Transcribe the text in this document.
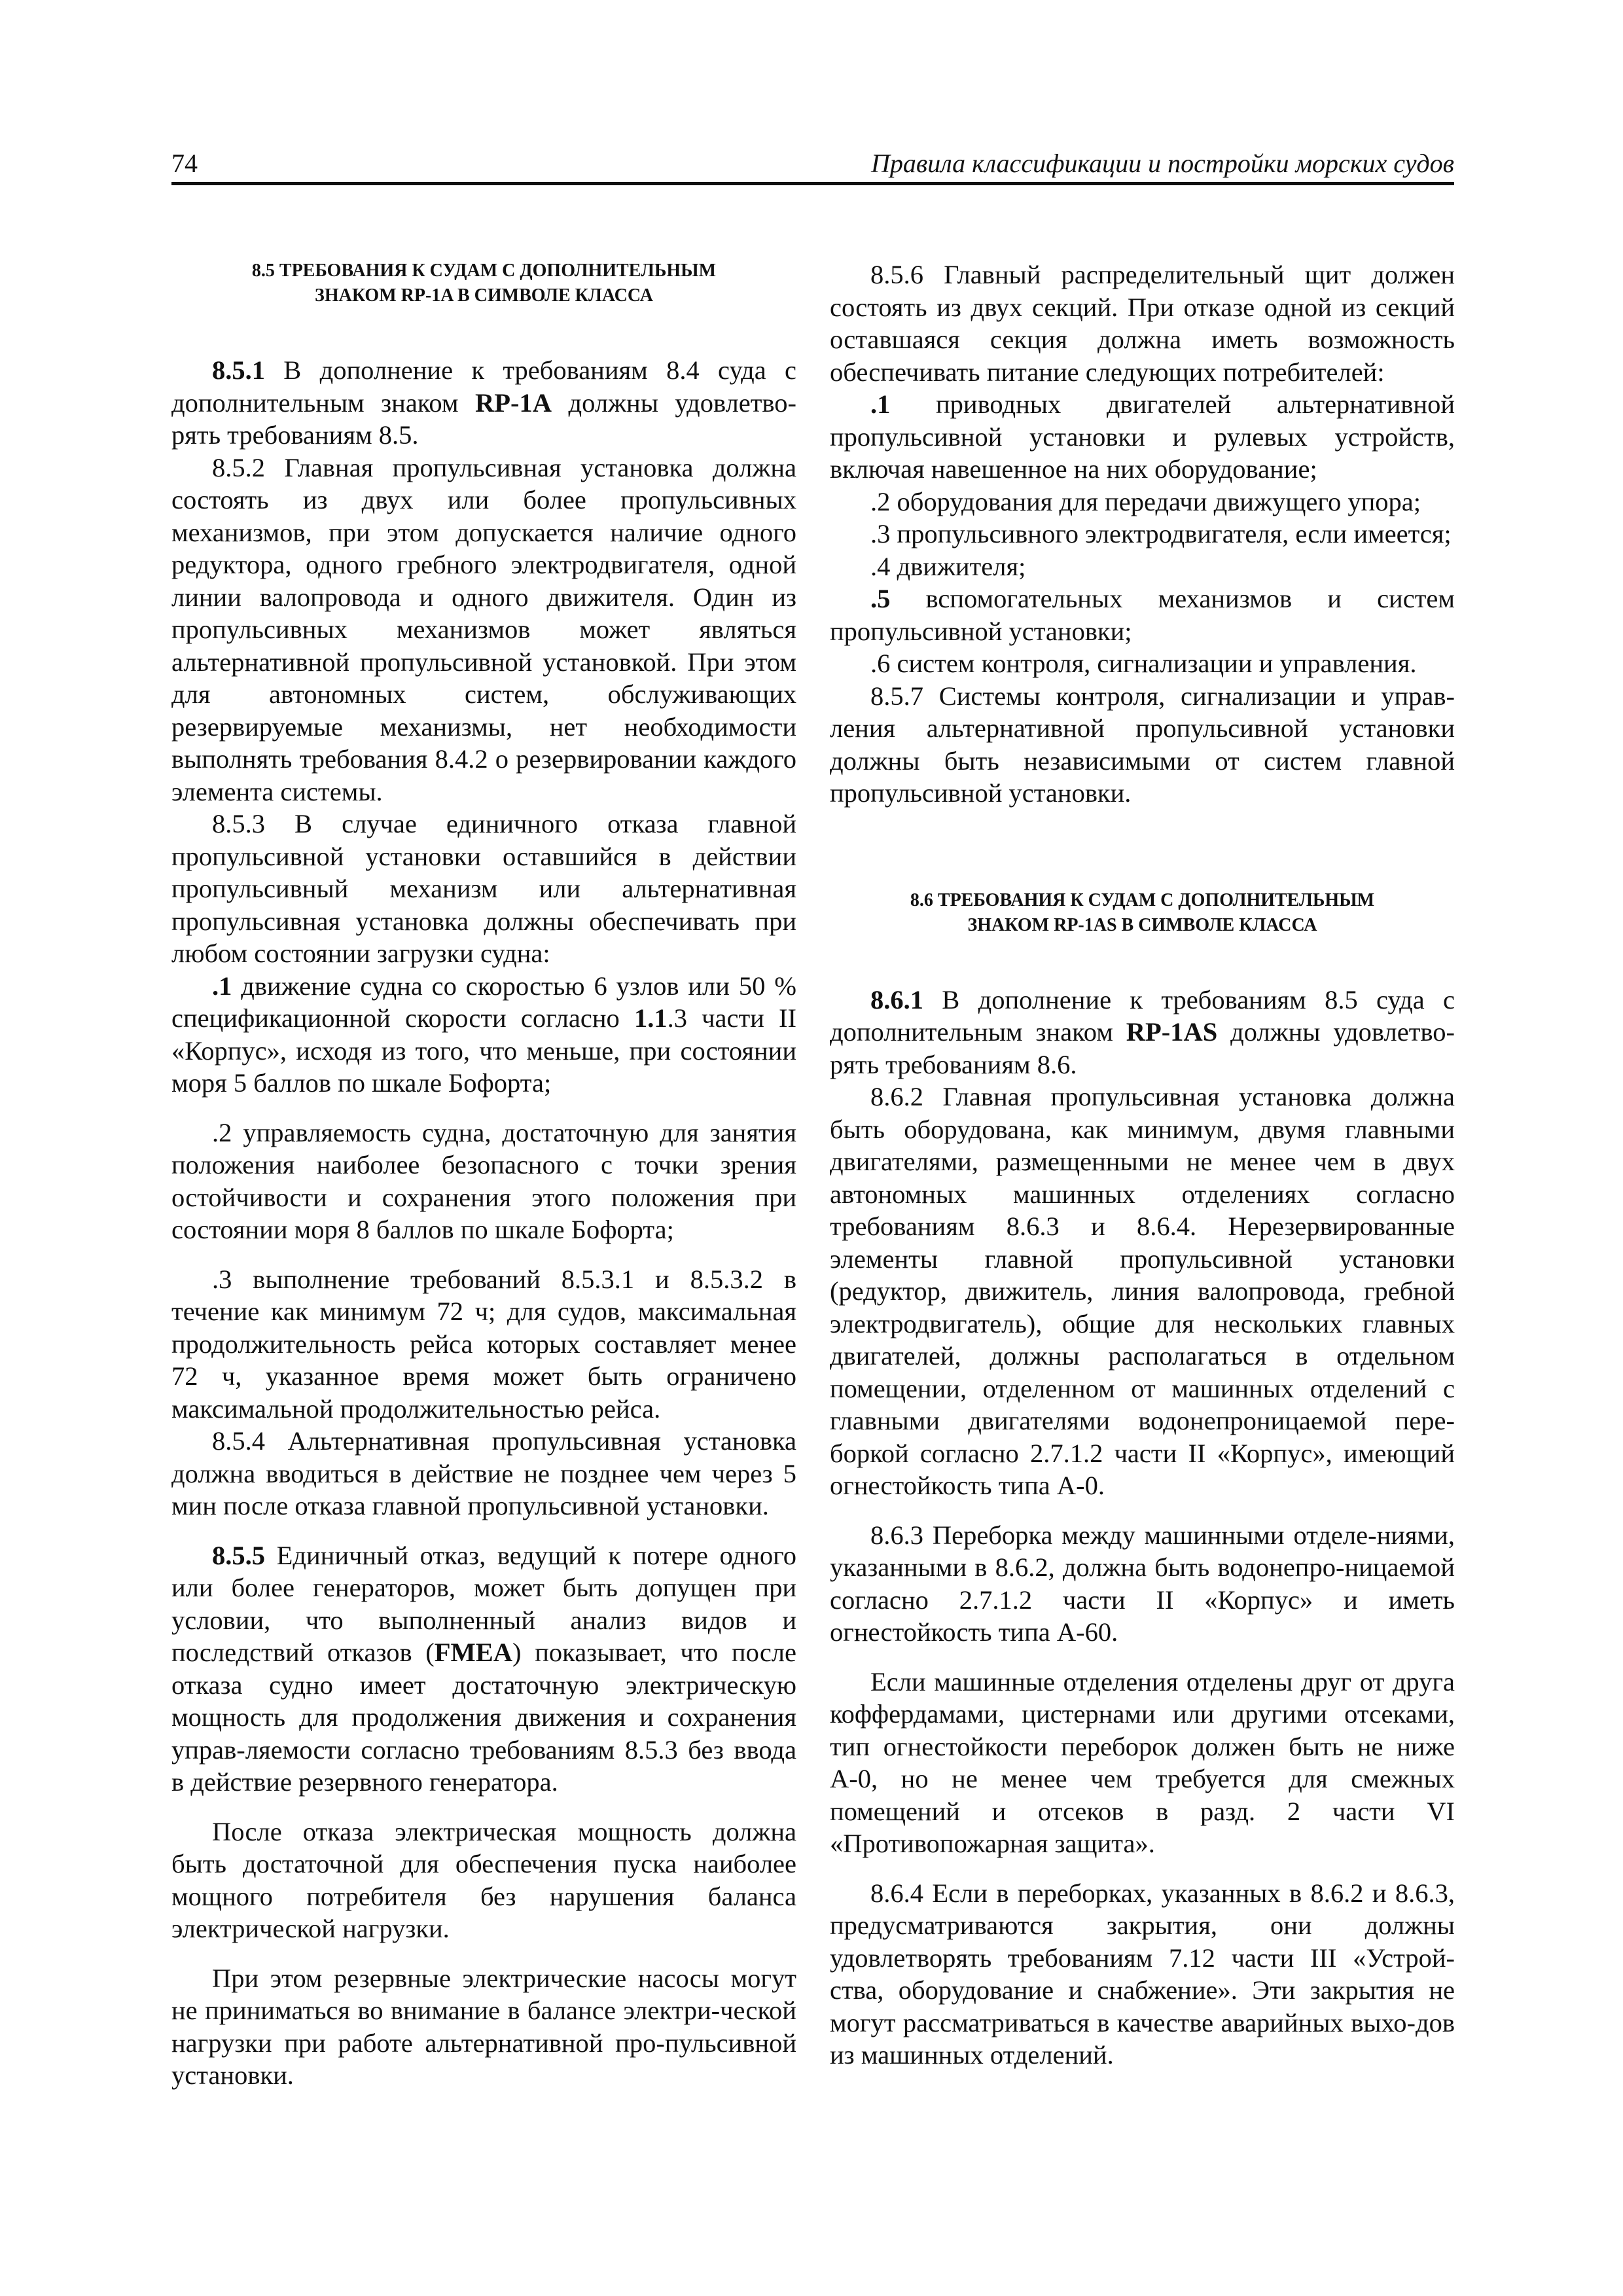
74	Правила классификации и постройки морских судов
8.5 ТРЕБОВАНИЯ К СУДАМ С ДОПОЛНИТЕЛЬНЫМ
ЗНАКОМ RP-1A В СИМВОЛЕ КЛАССА

8.5.1 В дополнение к требованиям 8.4 суда с дополнительным знаком RP-1A должны удовлетво-рять требованиям 8.5.

8.5.2 Главная пропульсивная установка должна состоять из двух или более пропульсивных механизмов, при этом допускается наличие одного редуктора, одного гребного электродвигателя, одной линии валопровода и одного движителя. Один из пропульсивных механизмов может являться альтернативной пропульсивной установкой. При этом для автономных систем, обслуживающих резервируемые механизмы, нет необходимости выполнять требования 8.4.2 о резервировании каждого элемента системы.

8.5.3 В случае единичного отказа главной пропульсивной установки оставшийся в действии пропульсивный механизм или альтернативная пропульсивная установка должны обеспечивать при любом состоянии загрузки судна:

.1 движение судна со скоростью 6 узлов или 50 % спецификационной скорости согласно 1.1.3 части II «Корпус», исходя из того, что меньше, при состоянии моря 5 баллов по шкале Бофорта;

.2 управляемость судна, достаточную для занятия положения наиболее безопасного с точки зрения остойчивости и сохранения этого положения при состоянии моря 8 баллов по шкале Бофорта;

.3 выполнение требований 8.5.3.1 и 8.5.3.2 в течение как минимум 72 ч; для судов, максимальная продолжительность рейса которых составляет менее 72 ч, указанное время может быть ограничено максимальной продолжительностью рейса.

8.5.4 Альтернативная пропульсивная установка должна вводиться в действие не позднее чем через 5 мин после отказа главной пропульсивной установки.

8.5.5 Единичный отказ, ведущий к потере одного или более генераторов, может быть допущен при условии, что выполненный анализ видов и последствий отказов (FMEA) показывает, что после отказа судно имеет достаточную электрическую мощность для продолжения движения и сохранения управ-ляемости согласно требованиям 8.5.3 без ввода в действие резервного генератора.

После отказа электрическая мощность должна быть достаточной для обеспечения пуска наиболее мощного потребителя без нарушения баланса электрической нагрузки.

При этом резервные электрические насосы могут не приниматься во внимание в балансе электри-ческой нагрузки при работе альтернативной про-пульсивной установки.

8.5.6 Главный распределительный щит должен состоять из двух секций. При отказе одной из секций оставшаяся секция должна иметь возможность обеспечивать питание следующих потребителей:

.1 приводных двигателей альтернативной пропульсивной установки и рулевых устройств, включая навешенное на них оборудование;

.2 оборудования для передачи движущего упора;

.3 пропульсивного электродвигателя, если имеется;

.4 движителя;

.5 вспомогательных механизмов и систем пропульсивной установки;

.6 систем контроля, сигнализации и управления.

8.5.7 Системы контроля, сигнализации и управ-ления альтернативной пропульсивной установки должны быть независимыми от систем главной пропульсивной установки.

8.6 ТРЕБОВАНИЯ К СУДАМ С ДОПОЛНИТЕЛЬНЫМ
ЗНАКОМ RP-1AS В СИМВОЛЕ КЛАССА

8.6.1 В дополнение к требованиям 8.5 суда с дополнительным знаком RP-1AS должны удовлетво-рять требованиям 8.6.

8.6.2 Главная пропульсивная установка должна быть оборудована, как минимум, двумя главными двигателями, размещенными не менее чем в двух автономных машинных отделениях согласно требованиям 8.6.3 и 8.6.4. Нерезервированные элементы главной пропульсивной установки (редуктор, движитель, линия валопровода, гребной электродвигатель), общие для нескольких главных двигателей, должны располагаться в отдельном помещении, отделенном от машинных отделений с главными двигателями водонепроницаемой пере-боркой согласно 2.7.1.2 части II «Корпус», имеющий огнестойкость типа А-0.

8.6.3 Переборка между машинными отделе-ниями, указанными в 8.6.2, должна быть водонепро-ницаемой согласно 2.7.1.2 части II «Корпус» и иметь огнестойкость типа А-60.

Если машинные отделения отделены друг от друга коффердамами, цистернами или другими отсеками, тип огнестойкости переборок должен быть не ниже А-0, но не менее чем требуется для смежных помещений и отсеков в разд. 2 части VI «Противопожарная защита».

8.6.4 Если в переборках, указанных в 8.6.2 и 8.6.3, предусматриваются закрытия, они должны удовлетворять требованиям 7.12 части III «Устрой-ства, оборудование и снабжение». Эти закрытия не могут рассматриваться в качестве аварийных выхо-дов из машинных отделений.
